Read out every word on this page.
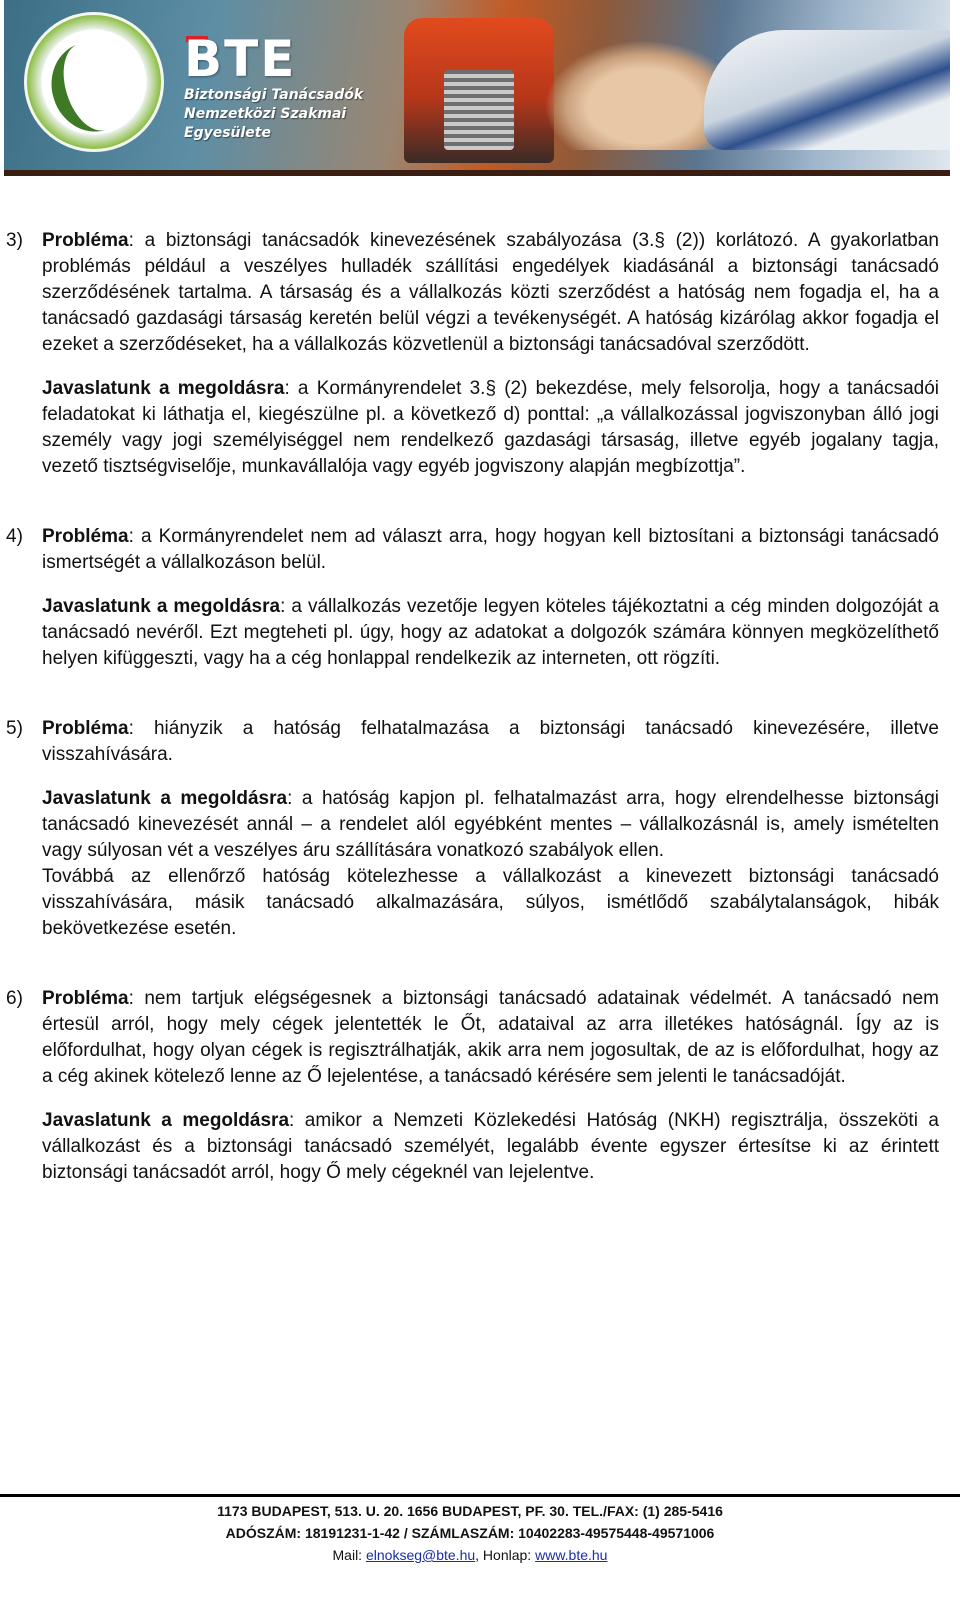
BTE
Biztonsági Tanácsadók
Nemzetközi Szakmai
Egyesülete
3) Probléma: a biztonsági tanácsadók kinevezésének szabályozása (3.§ (2)) korlátozó. A gyakorlatban problémás például a veszélyes hulladék szállítási engedélyek kiadásánál a biztonsági tanácsadó szerződésének tartalma. A társaság és a vállalkozás közti szerződést a hatóság nem fogadja el, ha a tanácsadó gazdasági társaság keretén belül végzi a tevékenységét. A hatóság kizárólag akkor fogadja el ezeket a szerződéseket, ha a vállalkozás közvetlenül a biztonsági tanácsadóval szerződött.

Javaslatunk a megoldásra: a Kormányrendelet 3.§ (2) bekezdése, mely felsorolja, hogy a tanácsadói feladatokat ki láthatja el, kiegészülne pl. a következő d) ponttal: „a vállalkozással jogviszonyban álló jogi személy vagy jogi személyiséggel nem rendelkező gazdasági társaság, illetve egyéb jogalany tagja, vezető tisztségviselője, munkavállalója vagy egyéb jogviszony alapján megbízottja”.

4) Probléma: a Kormányrendelet nem ad választ arra, hogy hogyan kell biztosítani a biztonsági tanácsadó ismertségét a vállalkozáson belül.

Javaslatunk a megoldásra: a vállalkozás vezetője legyen köteles tájékoztatni a cég minden dolgozóját a tanácsadó nevéről. Ezt megteheti pl. úgy, hogy az adatokat a dolgozók számára könnyen megközelíthető helyen kifüggeszti, vagy ha a cég honlappal rendelkezik az interneten, ott rögzíti.

5) Probléma: hiányzik a hatóság felhatalmazása a biztonsági tanácsadó kinevezésére, illetve visszahívására.

Javaslatunk a megoldásra: a hatóság kapjon pl. felhatalmazást arra, hogy elrendelhesse biztonsági tanácsadó kinevezését annál – a rendelet alól egyébként mentes – vállalkozásnál is, amely ismételten vagy súlyosan vét a veszélyes áru szállítására vonatkozó szabályok ellen.

Továbbá az ellenőrző hatóság kötelezhesse a vállalkozást a kinevezett biztonsági tanácsadó visszahívására, másik tanácsadó alkalmazására, súlyos, ismétlődő szabálytalanságok, hibák bekövetkezése esetén.

6) Probléma: nem tartjuk elégségesnek a biztonsági tanácsadó adatainak védelmét. A tanácsadó nem értesül arról, hogy mely cégek jelentették le Őt, adataival az arra illetékes hatóságnál. Így az is előfordulhat, hogy olyan cégek is regisztrálhatják, akik arra nem jogosultak, de az is előfordulhat, hogy az a cég akinek kötelező lenne az Ő lejelentése, a tanácsadó kérésére sem jelenti le tanácsadóját.

Javaslatunk a megoldásra: amikor a Nemzeti Közlekedési Hatóság (NKH) regisztrálja, összeköti a vállalkozást és a biztonsági tanácsadó személyét, legalább évente egyszer értesítse ki az érintett biztonsági tanácsadót arról, hogy Ő mely cégeknél van lejelentve.

1173 BUDAPEST, 513. U. 20. 1656 BUDAPEST, PF. 30. TEL./FAX: (1) 285-5416
ADÓSZÁM: 18191231-1-42 / SZÁMLASZÁM: 10402283-49575448-49571006
Mail: elnokseg@bte.hu, Honlap: www.bte.hu
